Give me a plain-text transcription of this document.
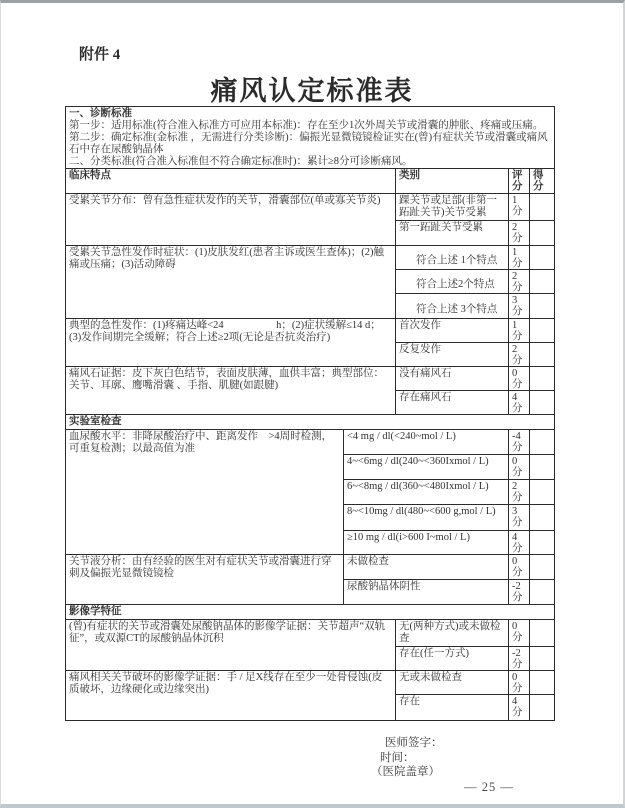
附件 4
痛风认定标准表
一、诊断标准
第一步：适用标准(符合准入标准方可应用本标准)：存在至少1次外周关节或滑囊的肿胀、疼痛或压痛。
第二步：确定标准(金标准 ，无需进行分类诊断)：偏振光显微镜镜检证实在(曾)有症状关节或滑囊或痛风石中存在尿酸钠晶体
二、分类标准(符合准入标准但不符合确定标准时)：累计≥8分可诊断痛风。				

临床特点		类别	评分	得分
受累关节分布：曾有急性症状发作的关节，滑囊部位(单或寡关节炎)		踝关节或足部(非第一跖趾关节)关节受累	1
分	

		第一跖趾关节受累	2
分	

受累关节急性发作时症状：(1)皮肤发红(患者主诉或医生查体)；(2)触痛或压痛；(3)活动障碍		符合上述 1个特点	1
分	

		符合上述2个特点	2
分	

		符合上述 3个特点	3
分	

典型的急性发作：(1)疼痛达峰<24　　　　　h；(2)症状缓解≤14 d；(3)发作间期完全缓解；符合上述≥2项(无论是否抗炎治疗)		首次发作	1
分	

		反复发作	2
分	

痛风石证据：皮下灰白色结节，表面皮肤薄，血供丰富；典型部位：关节、耳廓、鹰嘴滑囊 、手指、肌腱(如跟腱)		没有痛风石	0
分	

		存在痛风石	4
分	

实验室检查				
血尿酸水平：非降尿酸治疗中、距离发作　>4周时检测，可重复检测；以最高值为准	<4 mg / dl(<240~mol / L)		-4
分	

	4~<6mg / dl(240~<360Ixmol / L)		0
分	

	6~<8mg / dl(360~<480Ixmol / L)		2
分	

	8~<10mg / dl(480~<600 g,mol / L)		3
分	

	≥10 mg / dl(i>600 I~mol / L)		4
分	

关节液分析：由有经验的医生对有症状关节或滑囊进行穿刺及偏振光显微镜镜检	未做检查		0
分	

	尿酸钠晶体阴性		-2
分	

影像学特征				
(曾)有症状的关节或滑囊处尿酸钠晶体的影像学证据：关节超声“双轨征”，或双源CT的尿酸钠晶体沉积		无(两种方式)或未做检查	0
分	

		存在(任一方式)	-2
分	

痛风相关关节破坏的影像学证据：手 / 足X线存在至少一处骨侵蚀(皮质破坏，边缘硬化或边缘突出)		无或未做检查	0
分	

		存在	4
分	

医师签字：
时间：
（医院盖章）
— 25 —
